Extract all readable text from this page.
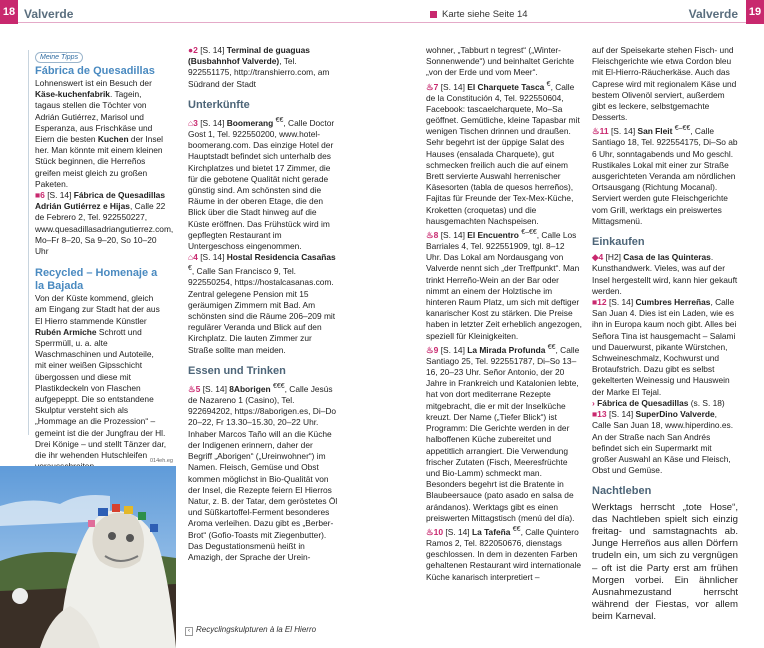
18 Valverde
Meine Tipps
Fábrica de Quesadillas

Lohnenswert ist ein Besuch der Käse-kuchenfabrik. Tagein, tagaus stellen die Töchter von Adrián Gutiérrez, Marisol und Esperanza, aus Frischkäse und Eiern die besten Kuchen der Insel her. Man könnte mit einem kleinen Stück beginnen, die Herreños greifen meist gleich zu großen Paketen.

■6 [S. 14] Fábrica de Quesadillas Adrián Gutiérrez e Hijas, Calle 22 de Febrero 2, Tel. 922550227, www.quesadillasadriangutierrez.com, Mo–Fr 8–20, Sa 9–20, So 10–20 Uhr

Recycled – Homenaje a la Bajada

Von der Küste kommend, gleich am Eingang zur Stadt hat der aus El Hierro stammende Künstler Rubén Armiche Schrott und Sperrmüll, u. a. alte Waschmaschinen und Autoteile, mit einer weißen Gipsschicht übergossen und diese mit Plastikdeckeln von Flaschen aufgepeppt. Die so entstandene Skulptur versteht sich als „Hommage an die Prozession“ – gemeint ist die der Jungfrau der Hl. Drei Könige – und stellt Tänzer dar, die ihr wehenden Hutschleifen

014eh.eg

●2 [S. 14] Terminal de guaguas (Busbahnhof Valverde), Tel. 922551175, http://transhierro.com, am Südrand der Stadt

Unterkünfte

⌂3 [S. 14] Boomerang €€, Calle Doctor Gost 1, Tel. 922550200, www.hotel-boomerang.com. Das einzige Hotel der Hauptstadt befindet sich unterhalb des Kirchplatzes und bietet 17 Zimmer, die für die gebotene Qualität nicht gerade günstig sind. Am schönsten sind die Räume in der oberen Etage, die den Blick über die Stadt hinweg auf die Küste eröffnen. Das Frühstück wird im gepflegten Restaurant im Untergeschoss eingenommen.

⌂4 [S. 14] Hostal Residencia Casañas €, Calle San Francisco 9, Tel. 922550254, https://hostalcasanas.com. Zentral gelegene Pension mit 15 geräumigen Zimmern mit Bad. Am schönsten sind die Räume 206–209 mit regulärer Veranda und Blick auf den Kirchplatz. Die lauten Zimmer zur Straße sollte man meiden.

Essen und Trinken

♨5 [S. 14] 8Aborigen €€€, Calle Jesús de Nazareno 1 (Casino), Tel. 922694202, https://8aborigen.es, Di–Do 20–22, Fr 13.30–15.30, 20–22 Uhr. Inhaber Marcos Taño will an die Küche der Indigenen erinnern, daher der Begriff „Aborigen“ („Ureinwohner“) im Namen. Fleisch, Gemüse und Obst kommen möglichst in Bio-Qualität von der Insel, die Rezepte feiern El Hierros Natur, z. B. der Tatar, dem geröstetes Öl und Süßkartoffel-Ferment besonderes Aroma verleihen. Dazu gibt es „Berber-Brot“ (Gofio-Toasts mit Ziegenbutter). Das Degustationsmenü heißt in Amazigh, der Sprache der Urein-

‹ Recyclingskulpturen à la El Hierro
Karte siehe Seite 14	Valverde 19

wohner, „Tabburt n tegrest“ („Winter-Sonnenwende“) und beinhaltet Gerichte „von der Erde und vom Meer“.

♨7 [S. 14] El Charquete Tasca €, Calle de la Constitución 4, Tel. 922550604, Facebook: tascaelcharquete, Mo–Sa geöffnet. Gemütliche, kleine Tapasbar mit wenigen Tischen drinnen und draußen. Sehr begehrt ist der üppige Salat des Hauses (ensalada Charquete), gut schmecken freilich auch die auf einem Brett servierte Auswahl herrenischer Käsesorten (tabla de quesos herreños), Fajitas für Freunde der Tex-Mex-Küche, Kroketten (croquetas) und die hausgemachten Nachspeisen.

♨8 [S. 14] El Encuentro €–€€, Calle Los Barriales 4, Tel. 922551909, tgl. 8–12 Uhr. Das Lokal am Nordausgang von Valverde nennt sich „der Treffpunkt“. Man trinkt Herreño-Wein an der Bar oder nimmt an einem der Holztische im hinteren Raum Platz, um sich mit deftiger kanarischer Kost zu stärken. Die Preise haben in letzter Zeit erheblich angezogen, speziell für Kleinigkeiten.

♨9 [S. 14] La Mirada Profunda €€, Calle Santiago 25, Tel. 922551787, Di–So 13–16, 20–23 Uhr. Señor Antonio, der 20 Jahre in Frankreich und Katalonien lebte, hat von dort mediterrane Rezepte mitgebracht, die er mit der Inselküche kreuzt. Der Name („Tiefer Blick“) ist Programm: Die Gerichte werden in der halboffenen Küche zubereitet und appetitlich arrangiert. Die Verwendung frischer Zutaten (Fisch, Meeresfrüchte und Bio-Lamm) schmeckt man. Besonders begehrt ist die Bratente in Blaubeersauce (pato asado en salsa de arándanos). Werktags gibt es einen preiswerten Mittagstisch (menú del día).

♨10 [S. 14] La Tafeña €€, Calle Quintero Ramos 2, Tel. 822050676, dienstags geschlossen. In dem in dezenten Farben gehaltenen Restaurant wird internationale Küche kanarisch interpretiert –

auf der Speisekarte stehen Fisch- und Fleischgerichte wie etwa Cordon bleu mit El-Hierro-Räucherkäse. Auch das Caprese wird mit regionalem Käse und bestem Olivenöl serviert, außerdem gibt es leckere, selbstgemachte Desserts.

♨11 [S. 14] San Fleit €–€€, Calle Santiago 18, Tel. 922554175, Di–So ab 6 Uhr, sonntagabends und Mo geschl. Rustikales Lokal mit einer zur Straße ausgerichteten Veranda am nördlichen Ortsausgang (Richtung Mocanal). Serviert werden gute Fleischgerichte vom Grill, werktags ein preiswertes Mittagsmenü.

Einkaufen

◆4 [H2] Casa de las Quinteras. Kunsthandwerk. Vieles, was auf der Insel hergestellt wird, kann hier gekauft werden.

■12 [S. 14] Cumbres Herreñas, Calle San Juan 4. Dies ist ein Laden, wie es ihn in Europa kaum noch gibt. Alles bei Señora Tina ist hausgemacht – Salami und Dauerwurst, pikante Würstchen, Schweineschmalz, Kochwurst und Brotaufstrich. Dazu gibt es selbst gekelterten Weinessig und Hauswein der Marke El Tejal.

› Fábrica de Quesadillas (s. S. 18)

■13 [S. 14] SuperDino Valverde, Calle San Juan 18, www.hiperdino.es. An der Straße nach San Andrés befindet sich ein Supermarkt mit großer Auswahl an Käse und Fleisch, Obst und Gemüse.

Nachtleben

Werktags herrscht „tote Hose“, das Nachtleben spielt sich einzig freitag- und samstagnachts ab. Junge Herreños aus allen Dörfern trudeln ein, um sich zu vergnügen – oft ist die Party erst am frühen Morgen vorbei. Ein ähnlicher Ausnahmezustand herrscht während der Fiestas, vor allem beim Karneval.
